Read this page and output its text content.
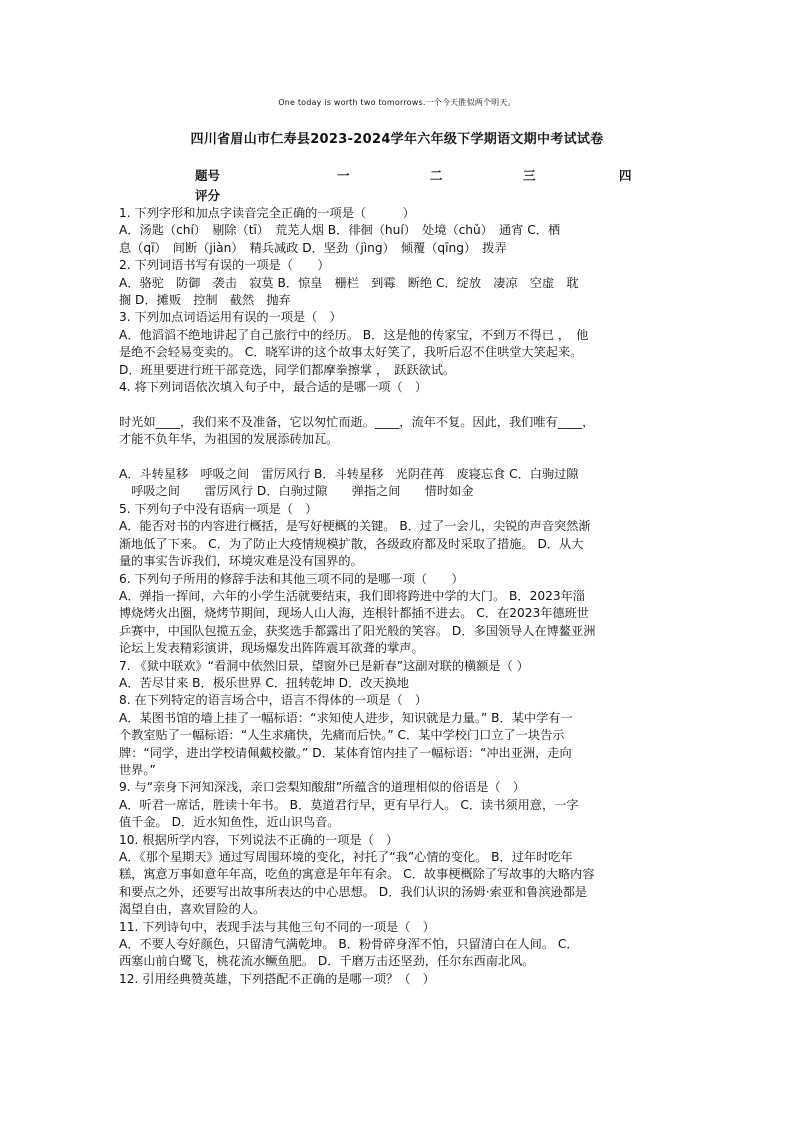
One today is worth two tomorrows.一个今天胜似两个明天。
四川省眉山市仁寿县2023-2024学年六年级下学期语文期中考试试卷
题号	一	二	三	四
评分

1. 下列字形和加点字读音完全正确的一项是（　　　）

A．汤匙（chí）　剔除（tī）　荒芜人烟 B．徘徊（huí）　处境（chǔ）　通宵 C．栖

息（qī）　间断（jiàn）　精兵减政 D．坚劲（jìng）　倾覆（qīng）　拨弄

2. 下列词语书写有误的一项是（　　）

A．骆驼　防御　袭击　寂莫 B．惊皇　栅栏　到霉　断绝 C．绽放　凄凉　空虚　耽

搁 D．摊贩　控制　截然　抛弃

3. 下列加点词语运用有误的一项是（　）

A．他滔滔不绝地讲起了自己旅行中的经历。 B．这是他的传家宝，不到万不得已 ，　他

是绝不会轻易变卖的。 C．晓军讲的这个故事太好笑了，我听后忍不住哄堂大笑起来。

D．班里要进行班干部竞选，同学们都摩拳擦掌 ，　跃跃欲试。

4. 将下列词语依次填入句子中，最合适的是哪一项（　）

时光如____，我们来不及准备，它以匆忙而逝。____，流年不复。因此，我们唯有____，

才能不负年华，为祖国的发展添砖加瓦。

A．斗转星移　呼吸之间　雷厉风行 B．斗转星移　光阴荏苒　废寝忘食 C．白驹过隙

　呼吸之间　　雷厉风行 D．白驹过隙　　弹指之间　　惜时如金

5. 下列句子中没有语病一项是（　）

A．能否对书的内容进行概括，是写好梗概的关键。 B．过了一会儿，尖锐的声音突然渐

渐地低了下来。 C．为了防止大疫情规模扩散，各级政府都及时采取了措施。 D．从大

量的事实告诉我们，环境灾难是没有国界的。

6. 下列句子所用的修辞手法和其他三项不同的是哪一项（　　）

A．弹指一挥间，六年的小学生活就要结束，我们即将跨进中学的大门。 B．2023年淄

博烧烤火出圈，烧烤节期间，现场人山人海，连根针都插不进去。 C．在2023年德班世

乒赛中，中国队包揽五金，获奖选手都露出了阳光般的笑容。 D．多国领导人在博鳌亚洲

论坛上发表精彩演讲，现场爆发出阵阵震耳欲聋的掌声。

7. 《狱中联欢》“看洞中依然旧景，望窗外已是新春”这副对联的横额是（ ）

A．苦尽甘来 B．极乐世界 C．扭转乾坤 D．改天换地

8. 在下列特定的语言场合中，语言不得体的一项是（　）

A．某图书馆的墙上挂了一幅标语：“求知使人进步，知识就是力量。” B．某中学有一

个教室贴了一幅标语：“人生求痛快，先痛而后快。” C．某中学校门口立了一块告示

牌：“同学，进出学校请佩戴校徽。” D．某体育馆内挂了一幅标语：“冲出亚洲，走向

世界。”

9. 与“亲身下河知深浅，亲口尝梨知酸甜”所蕴含的道理相似的俗语是（　）

A．听君一席话，胜读十年书。 B．莫道君行早，更有早行人。 C．读书须用意，一字

值千金。 D．近水知鱼性，近山识鸟音。

10. 根据所学内容，下列说法不正确的一项是（　）

A．《那个星期天》通过写周围环境的变化，衬托了“我”心情的变化。 B．过年时吃年

糕，寓意万事如意年年高，吃鱼的寓意是年年有余。 C．故事梗概除了写故事的大略内容

和要点之外，还要写出故事所表达的中心思想。 D．我们认识的汤姆·索亚和鲁滨逊都是

渴望自由，喜欢冒险的人。

11. 下列诗句中，表现手法与其他三句不同的一项是（　）

A．不要人夸好颜色，只留清气满乾坤。 B．粉骨碎身浑不怕，只留清白在人间。 C．

西塞山前白鹭飞，桃花流水鳜鱼肥。 D．千磨万击还坚劲，任尔东西南北风。

12. 引用经典赞英雄，下列搭配不正确的是哪一项？（　）
